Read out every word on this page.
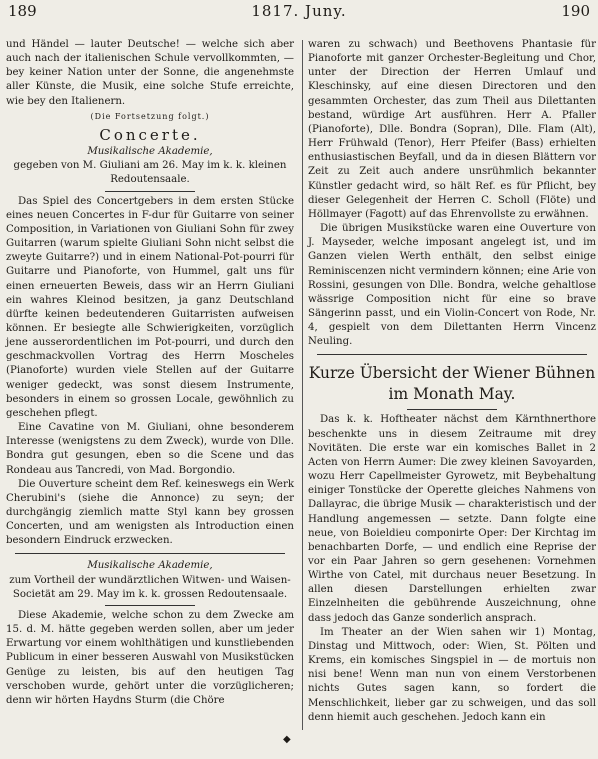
189	1817. Juny.	190

und Händel — lauter Deutsche! — welche sich aber auch nach der italienischen Schule vervollkommten, — bey keiner Nation unter der Sonne, die angenehmste aller Künste, die Musik, eine solche Stufe erreichte, wie bey den Italienern.

(Die Fortsetzung folgt.)

Concerte.

Musikalische Akademie,

gegeben von M. Giuliani am 26. May im k. k. kleinen Redoutensaale.

Das Spiel des Concertgebers in dem ersten Stücke eines neuen Concertes in F-dur für Guitarre von seiner Composition, in Variationen von Giuliani Sohn für zwey Guitarren (warum spielte Giuliani Sohn nicht selbst die zweyte Guitarre?) und in einem National-Pot-pourri für Guitarre und Pianoforte, von Hummel, galt uns für einen erneuerten Beweis, dass wir an Herrn Giuliani ein wahres Kleinod besitzen, ja ganz Deutschland dürfte keinen bedeutenderen Guitarristen aufweisen können. Er besiegte alle Schwierigkeiten, vorzüglich jene ausserordentlichen im Pot-pourri, und durch den geschmackvollen Vortrag des Herrn Moscheles (Pianoforte) wurden viele Stellen auf der Guitarre weniger gedeckt, was sonst diesem Instrumente, besonders in einem so grossen Locale, gewöhnlich zu geschehen pflegt.

Eine Cavatine von M. Giuliani, ohne besonderem Interesse (wenigstens zu dem Zweck), wurde von Dlle. Bondra gut gesungen, eben so die Scene und das Rondeau aus Tancredi, von Mad. Borgondio.

Die Ouverture scheint dem Ref. keineswegs ein Werk Cherubini's (siehe die Annonce) zu seyn; der durchgängig ziemlich matte Styl kann bey grossen Concerten, und am wenigsten als Introduction einen besondern Eindruck erzwecken.

Musikalische Akademie,

zum Vortheil der wundärztlichen Witwen- und Waisen-Societät am 29. May im k. k. grossen Redoutensaale.

Diese Akademie, welche schon zu dem Zwecke am 15. d. M. hätte gegeben werden sollen, aber um jeder Erwartung vor einem wohlthätigen und kunstliebenden Publicum in einer besseren Auswahl von Musikstücken Genüge zu leisten, bis auf den heutigen Tag verschoben wurde, gehört unter die vorzüglicheren; denn wir hörten Haydns Sturm (die Chöre

waren zu schwach) und Beethovens Phantasie für Pianoforte mit ganzer Orchester-Begleitung und Chor, unter der Direction der Herren Umlauf und Kleschinsky, auf eine diesen Directoren und den gesammten Orchester, das zum Theil aus Dilettanten bestand, würdige Art ausführen. Herr A. Pfaller (Pianoforte), Dlle. Bondra (Sopran), Dlle. Flam (Alt), Herr Frühwald (Tenor), Herr Pfeifer (Bass) erhielten enthusiastischen Beyfall, und da in diesen Blättern vor Zeit zu Zeit auch andere unsrühmlich bekannter Künstler gedacht wird, so hält Ref. es für Pflicht, bey dieser Gelegenheit der Herren C. Scholl (Flöte) und Höllmayer (Fagott) auf das Ehrenvollste zu erwähnen.

Die übrigen Musikstücke waren eine Ouverture von J. Mayseder, welche imposant angelegt ist, und im Ganzen vielen Werth enthält, den selbst einige Reminiscenzen nicht vermindern können; eine Arie von Rossini, gesungen von Dlle. Bondra, welche gehaltlose wässrige Composition nicht für eine so brave Sängerinn passt, und ein Violin-Concert von Rode, Nr. 4, gespielt von dem Dilettanten Herrn Vincenz Neuling.

Kurze Übersicht der Wiener Bühnen im Monath May.

Das k. k. Hoftheater nächst dem Kärnthnerthore beschenkte uns in diesem Zeitraume mit drey Novitäten. Die erste war ein komisches Ballet in 2 Acten von Herrn Aumer: Die zwey kleinen Savoyarden, wozu Herr Capellmeister Gyrowetz, mit Beybehaltung einiger Tonstücke der Operette gleiches Nahmens von Dallayrac, die übrige Musik — charakteristisch und der Handlung angemessen — setzte. Dann folgte eine neue, von Boieldieu componirte Oper: Der Kirchtag im benachbarten Dorfe, — und endlich eine Reprise der vor ein Paar Jahren so gern gesehenen: Vornehmen Wirthe von Catel, mit durchaus neuer Besetzung. In allen diesen Darstellungen erhielten zwar Einzelnheiten die gebührende Auszeichnung, ohne dass jedoch das Ganze sonderlich ansprach.

Im Theater an der Wien sahen wir 1) Montag, Dinstag und Mittwoch, oder: Wien, St. Pölten und Krems, ein komisches Singspiel in — de mortuis non nisi bene! Wenn man nun von einem Verstorbenen nichts Gutes sagen kann, so fordert die Menschlichkeit, lieber gar zu schweigen, und das soll denn hiemit auch geschehen. Jedoch kann ein

◆
